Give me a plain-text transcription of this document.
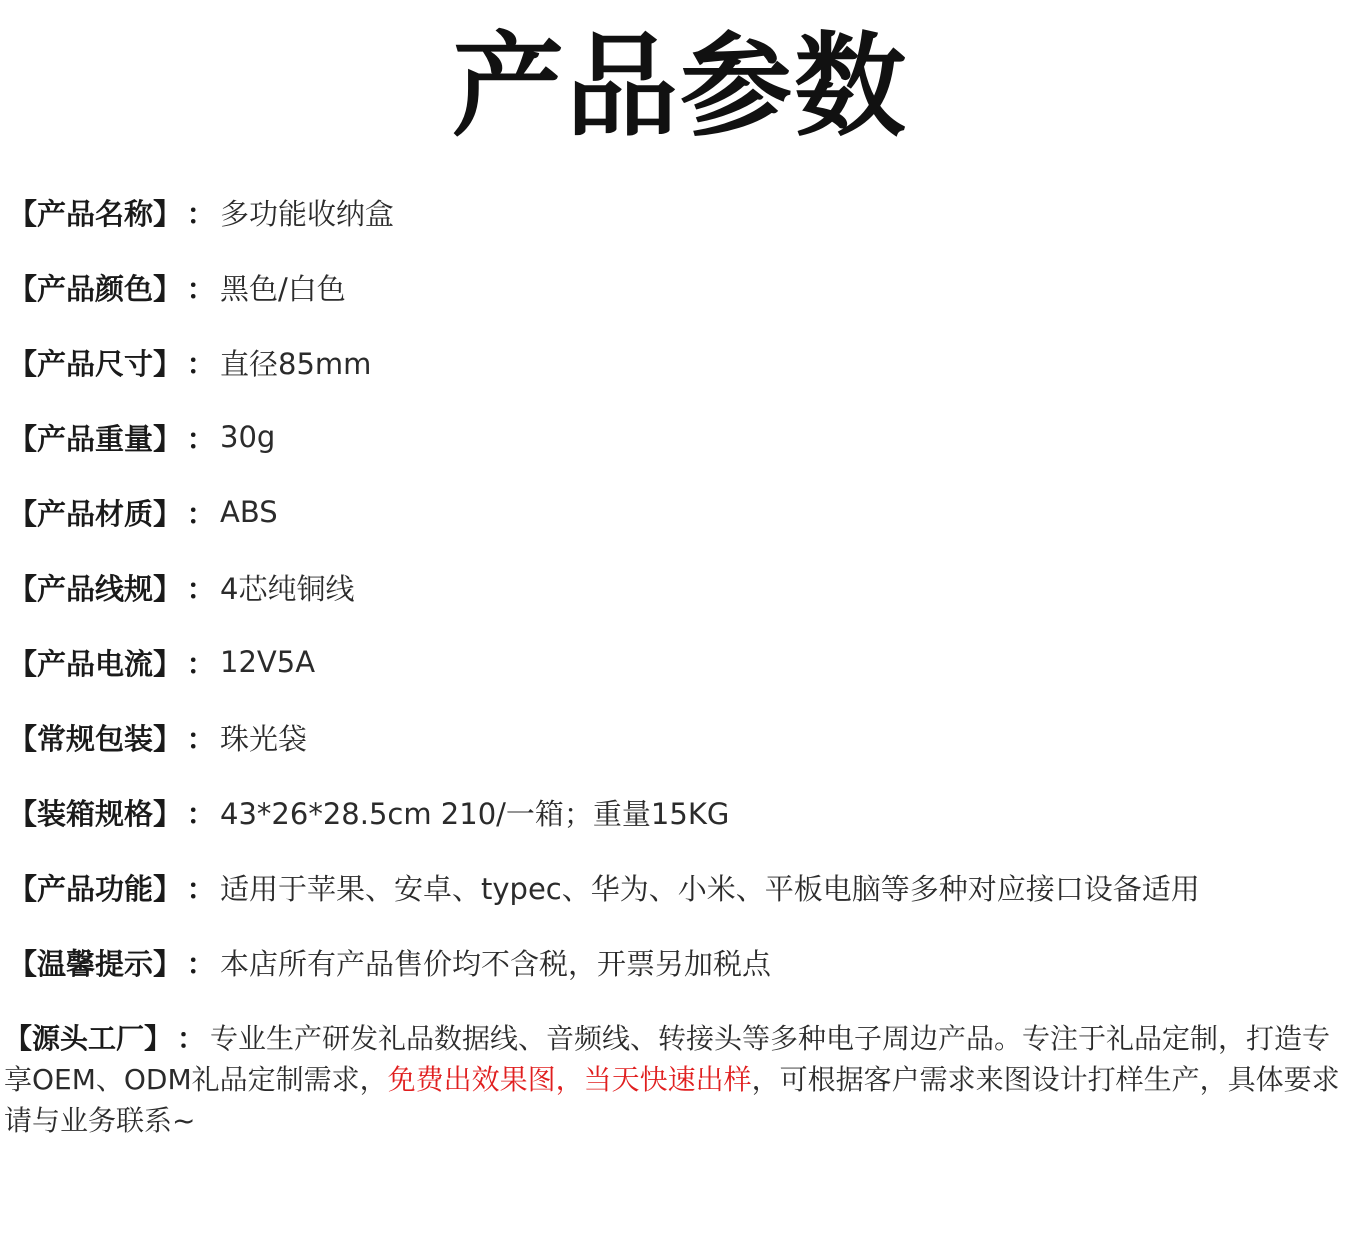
产品参数
【产品名称】 ： 多功能收纳盒
【产品颜色】 ： 黑色/白色
【产品尺寸】 ： 直径85mm
【产品重量】 ： 30g
【产品材质】 ： ABS
【产品线规】 ： 4芯纯铜线
【产品电流】 ： 12V5A
【常规包装】 ： 珠光袋
【装箱规格】 ： 43*26*28.5cm 210/一箱；重量15KG
【产品功能】 ： 适用于苹果、安卓、typec、华为、小米、平板电脑等多种对应接口设备适用
【温馨提示】 ： 本店所有产品售价均不含税，开票另加税点
【源头工厂】 ： 专业生产研发礼品数据线、音频线、转接头等多种电子周边产品。专注于礼品定制，打造专享OEM、ODM礼品定制需求，免费出效果图，当天快速出样，可根据客户需求来图设计打样生产，具体要求请与业务联系~
